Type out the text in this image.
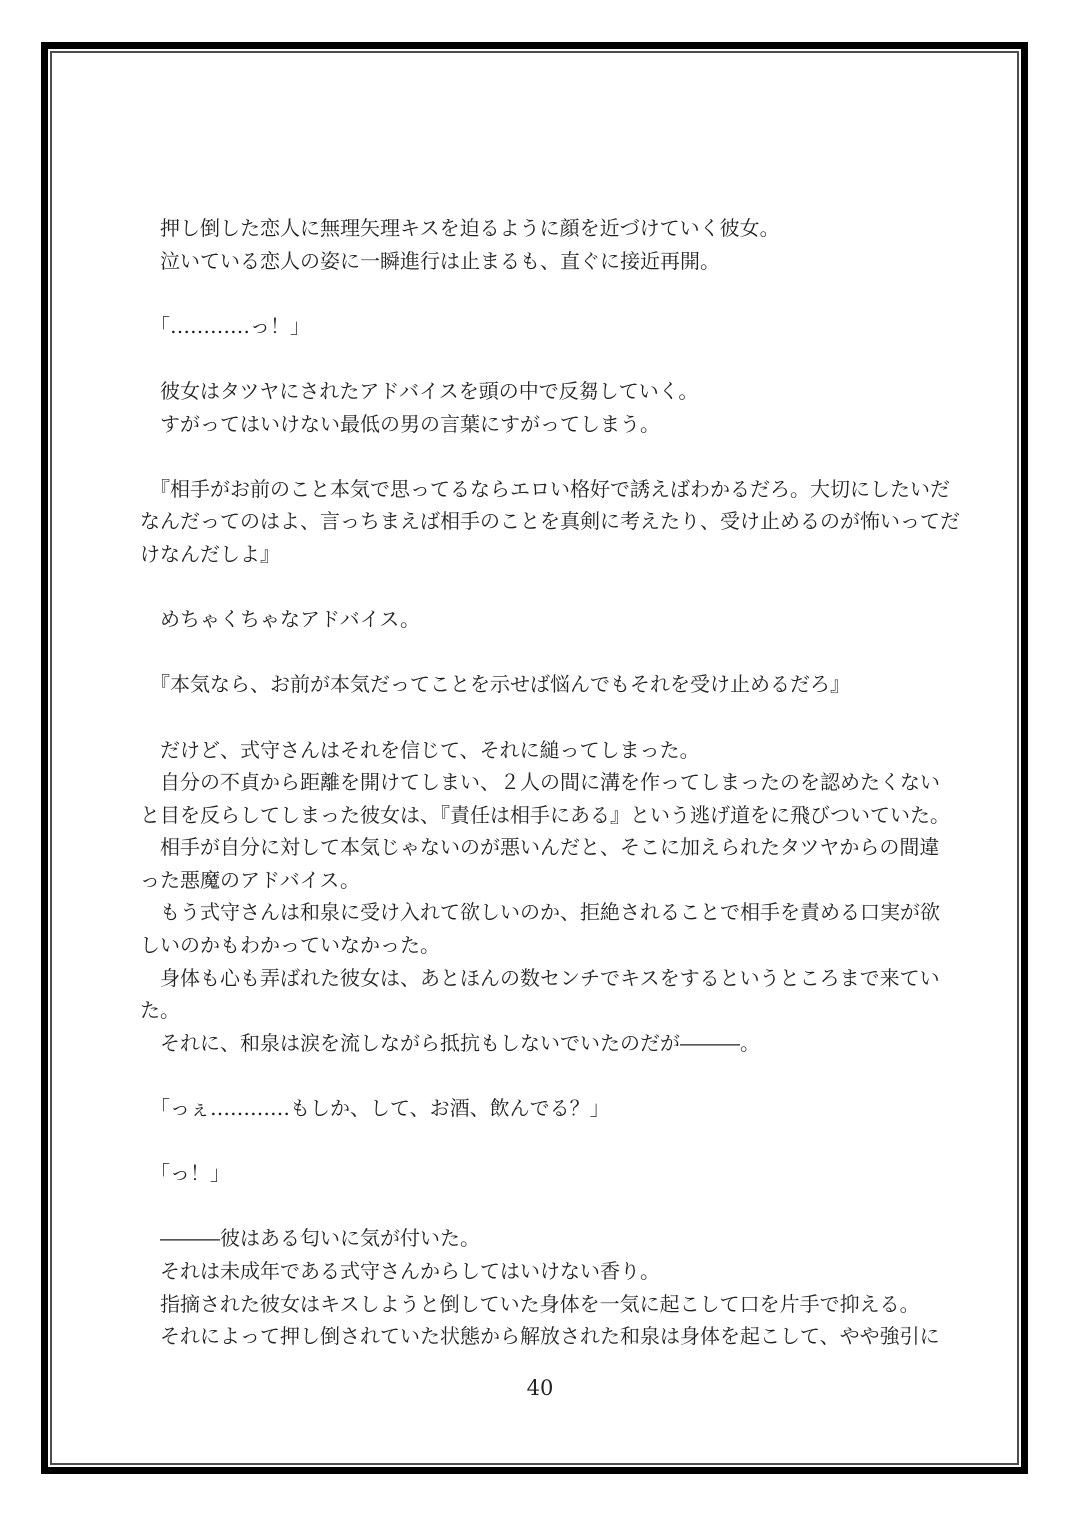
　押し倒した恋人に無理矢理キスを迫るように顔を近づけていく彼女。
　泣いている恋人の姿に一瞬進行は止まるも、直ぐに接近再開。
　「…………っ！」
　彼女はタツヤにされたアドバイスを頭の中で反芻していく。
　すがってはいけない最低の男の言葉にすがってしまう。
　『相手がお前のこと本気で思ってるならエロい格好で誘えばわかるだろ。大切にしたいだ
なんだってのはよ、言っちまえば相手のことを真剣に考えたり、受け止めるのが怖いってだ
けなんだしよ』
　めちゃくちゃなアドバイス。
　『本気なら、お前が本気だってことを示せば悩んでもそれを受け止めるだろ』
　だけど、式守さんはそれを信じて、それに縋ってしまった。
　自分の不貞から距離を開けてしまい、２人の間に溝を作ってしまったのを認めたくない
と目を反らしてしまった彼女は、『責任は相手にある』という逃げ道をに飛びついていた。
　相手が自分に対して本気じゃないのが悪いんだと、そこに加えられたタツヤからの間違
った悪魔のアドバイス。
　もう式守さんは和泉に受け入れて欲しいのか、拒絶されることで相手を責める口実が欲
しいのかもわかっていなかった。
　身体も心も弄ばれた彼女は、あとほんの数センチでキスをするというところまで来てい
た。
　それに、和泉は涙を流しながら抵抗もしないでいたのだが―――。
　「っぇ…………もしか、して、お酒、飲んでる？」
　「っ！」
　―――彼はある匂いに気が付いた。
　それは未成年である式守さんからしてはいけない香り。
　指摘された彼女はキスしようと倒していた身体を一気に起こして口を片手で抑える。
　それによって押し倒されていた状態から解放された和泉は身体を起こして、やや強引に
40
